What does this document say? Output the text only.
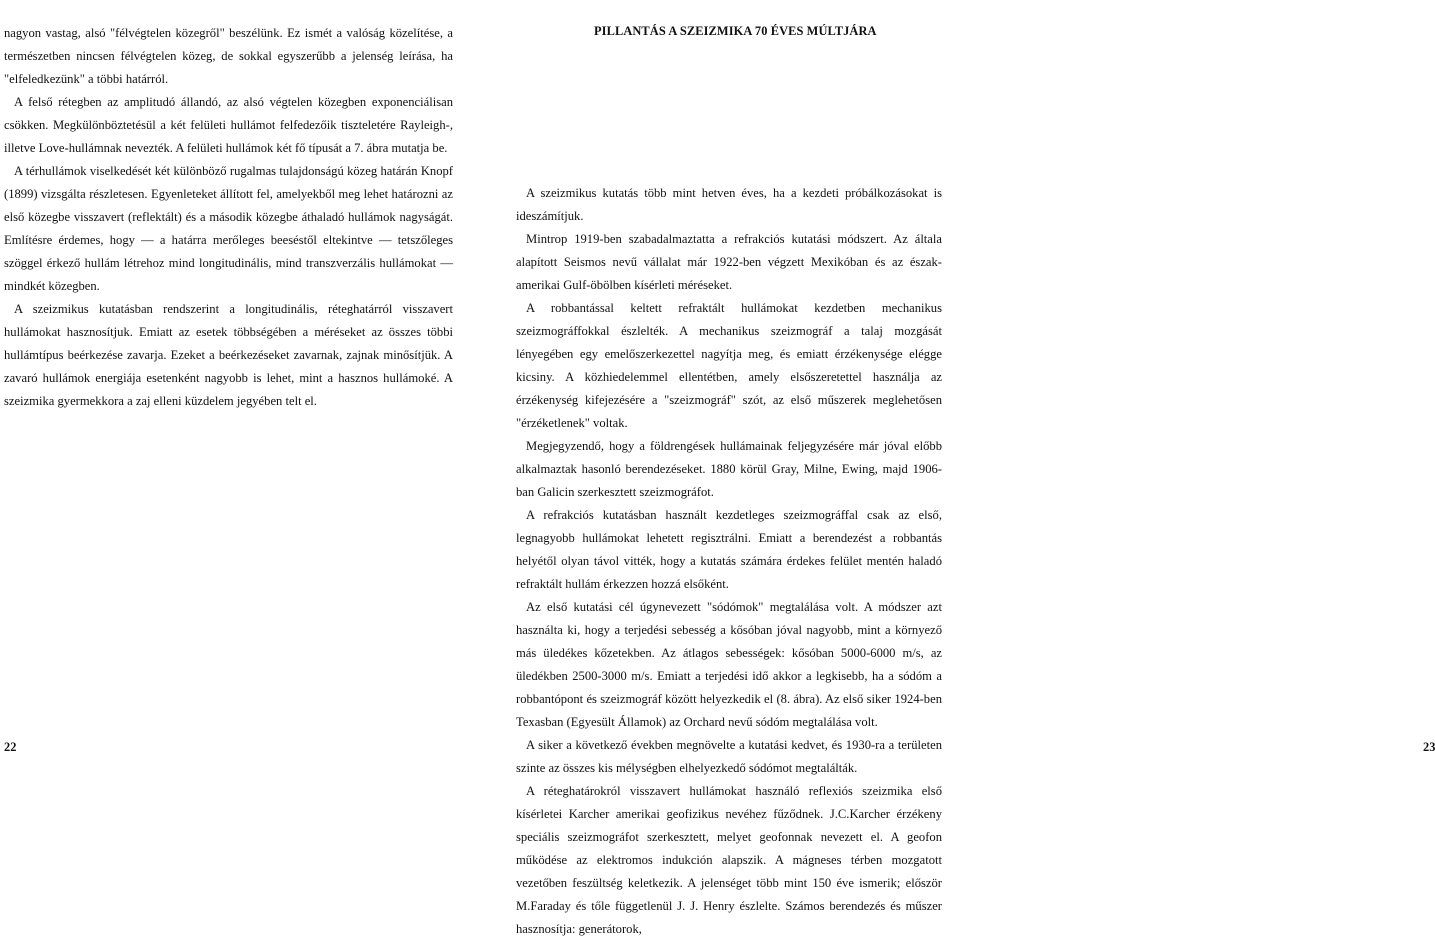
nagyon vastag, alsó "félvégtelen közegről" beszélünk. Ez ismét a valóság közelítése, a természetben nincsen félvégtelen közeg, de sokkal egyszerűbb a jelenség leírása, ha "elfeledkezünk" a többi határról.

A felső rétegben az amplitudó állandó, az alsó végtelen közegben exponenciálisan csökken. Megkülönböztetésül a két felületi hullámot felfedezőik tiszteletére Rayleigh-, illetve Love-hullámnak nevezték. A felületi hullámok két fő típusát a 7. ábra mutatja be.

A térhullámok viselkedését két különböző rugalmas tulajdonságú közeg határán Knopf (1899) vizsgálta részletesen. Egyenleteket állított fel, amelyekből meg lehet határozni az első közegbe visszavert (reflektált) és a második közegbe áthaladó hullámok nagyságát. Említésre érdemes, hogy — a határra merőleges beeséstől eltekintve — tetszőleges szöggel érkező hullám létrehoz mind longitudinális, mind transzverzális hullámokat — mindkét közegben.

A szeizmikus kutatásban rendszerint a longitudinális, réteghatárról visszavert hullámokat hasznosítjuk. Emiatt az esetek többségében a méréseket az összes többi hullámtípus beérkezése zavarja. Ezeket a beérkezéseket zavarnak, zajnak minősítjük. A zavaró hullámok energiája esetenként nagyobb is lehet, mint a hasznos hullámoké. A szeizmika gyermekkora a zaj elleni küzdelem jegyében telt el.

22

A szeizmikus kutatás több mint hetven éves, ha a kezdeti próbálkozásokat is ideszámítjuk.

Mintrop 1919-ben szabadalmaztatta a refrakciós kutatási módszert. Az általa alapított Seismos nevű vállalat már 1922-ben végzett Mexikóban és az észak-amerikai Gulf-öbölben kísérleti méréseket.

A robbantással keltett refraktált hullámokat kezdetben mechanikus szeizmográffokkal észlelték. A mechanikus szeizmográf a talaj mozgását lényegében egy emelőszerkezettel nagyítja meg, és emiatt érzékenysége elégge kicsiny. A közhiedelemmel ellentétben, amely elsőszeretettel használja az érzékenység kifejezésére a "szeizmográf" szót, az első műszerek meglehetősen "érzéketlenek" voltak.

Megjegyzendő, hogy a földrengések hullámainak feljegyzésére már jóval előbb alkalmaztak hasonló berendezéseket. 1880 körül Gray, Milne, Ewing, majd 1906-ban Galicin szerkesztett szeizmográfot.

A refrakciós kutatásban használt kezdetleges szeizmográffal csak az első, legnagyobb hullámokat lehetett regisztrálni. Emiatt a berendezést a robbantás helyétől olyan távol vitték, hogy a kutatás számára érdekes felület mentén haladó refraktált hullám érkezzen hozzá elsőként.

Az első kutatási cél úgynevezett "sódómok" megtalálása volt. A módszer azt használta ki, hogy a terjedési sebesség a kősóban jóval nagyobb, mint a környező más üledékes kőzetekben. Az átlagos sebességek: kősóban 5000-6000 m/s, az üledékben 2500-3000 m/s. Emiatt a terjedési idő akkor a legkisebb, ha a sódóm a robbantópont és szeizmográf között helyezkedik el (8. ábra). Az első siker 1924-ben Texasban (Egyesült Államok) az Orchard nevű sódóm megtalálása volt.

A siker a következő években megnövelte a kutatási kedvet, és 1930-ra a területen szinte az összes kis mélységben elhelyezkedő sódómot megtalálták.

A réteghatárokról visszavert hullámokat használó reflexiós szeizmika első kísérletei Karcher amerikai geofizikus nevéhez fűződnek. J.C.Karcher érzékeny speciális szeizmográfot szerkesztett, melyet geofonnak nevezett el. A geofon működése az elektromos indukción alapszik. A mágneses térben mozgatott vezetőben feszültség keletkezik. A jelenséget több mint 150 éve ismerik; először M.Faraday és tőle függetlenül J. J. Henry észlelte. Számos berendezés és műszer hasznosítja: generátorok,

23
PILLANTÁS A SZEIZMIKA 70 ÉVES MÚLTJÁRA
